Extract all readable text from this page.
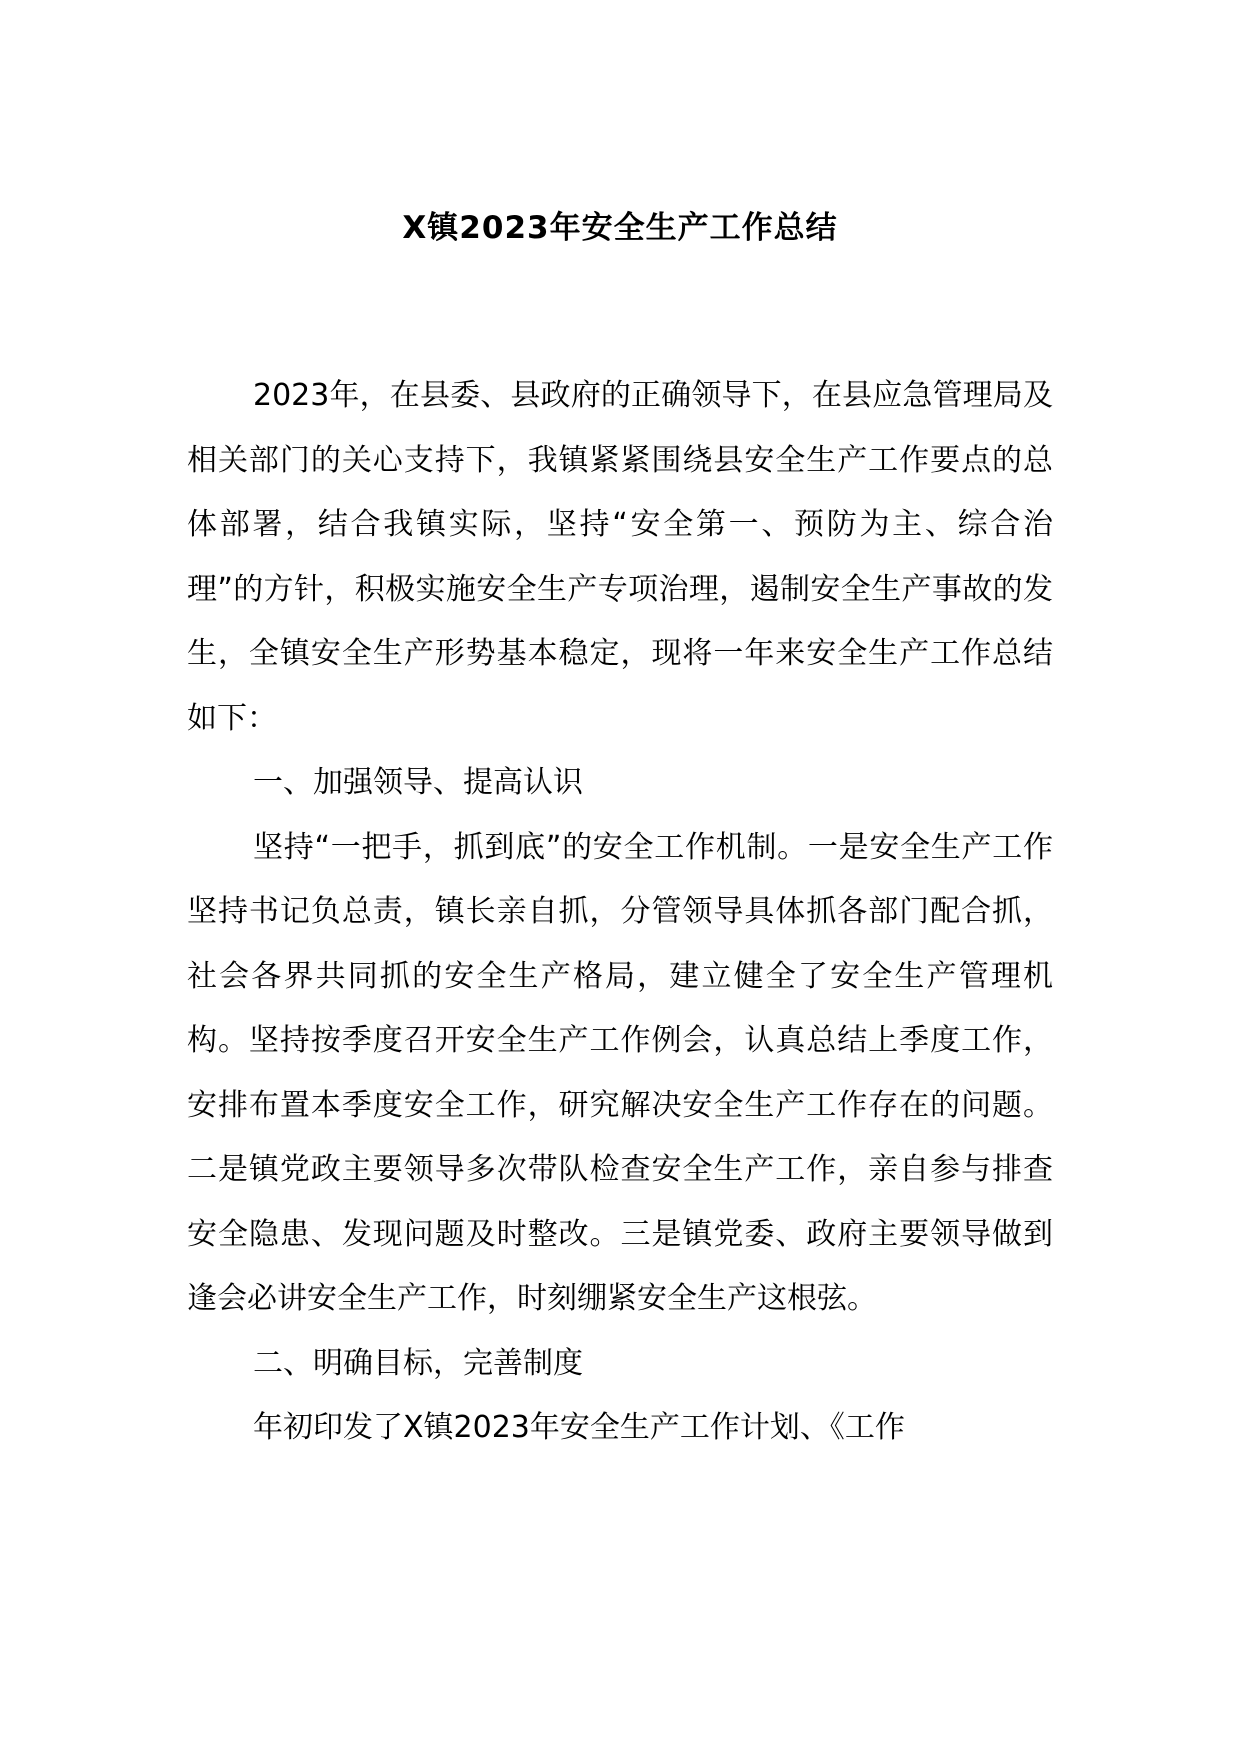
X镇2023年安全生产工作总结

2023年，在县委、县政府的正确领导下，在县应急管理局及相关部门的关心支持下，我镇紧紧围绕县安全生产工作要点的总体部署，结合我镇实际，坚持“安全第一、预防为主、综合治理”的方针，积极实施安全生产专项治理，遏制安全生产事故的发生，全镇安全生产形势基本稳定，现将一年来安全生产工作总结如下：

一、加强领导、提高认识

坚持“一把手，抓到底”的安全工作机制。一是安全生产工作坚持书记负总责，镇长亲自抓，分管领导具体抓各部门配合抓，社会各界共同抓的安全生产格局，建立健全了安全生产管理机构。坚持按季度召开安全生产工作例会，认真总结上季度工作，安排布置本季度安全工作，研究解决安全生产工作存在的问题。二是镇党政主要领导多次带队检查安全生产工作，亲自参与排查安全隐患、发现问题及时整改。三是镇党委、政府主要领导做到逢会必讲安全生产工作，时刻绷紧安全生产这根弦。

二、明确目标，完善制度

年初印发了X镇2023年安全生产工作计划、《工作
